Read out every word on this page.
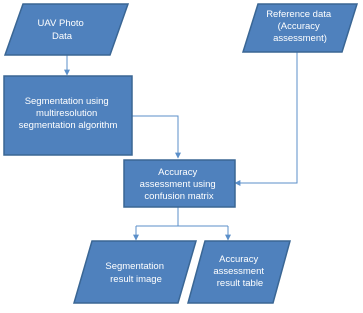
UAV Photo Data
Reference data (Accuracy assessment)
Segmentation using multiresolution segmentation algorithm
Accuracy assessment using confusion matrix
Segmentation result image
Accuracy assessment result table
